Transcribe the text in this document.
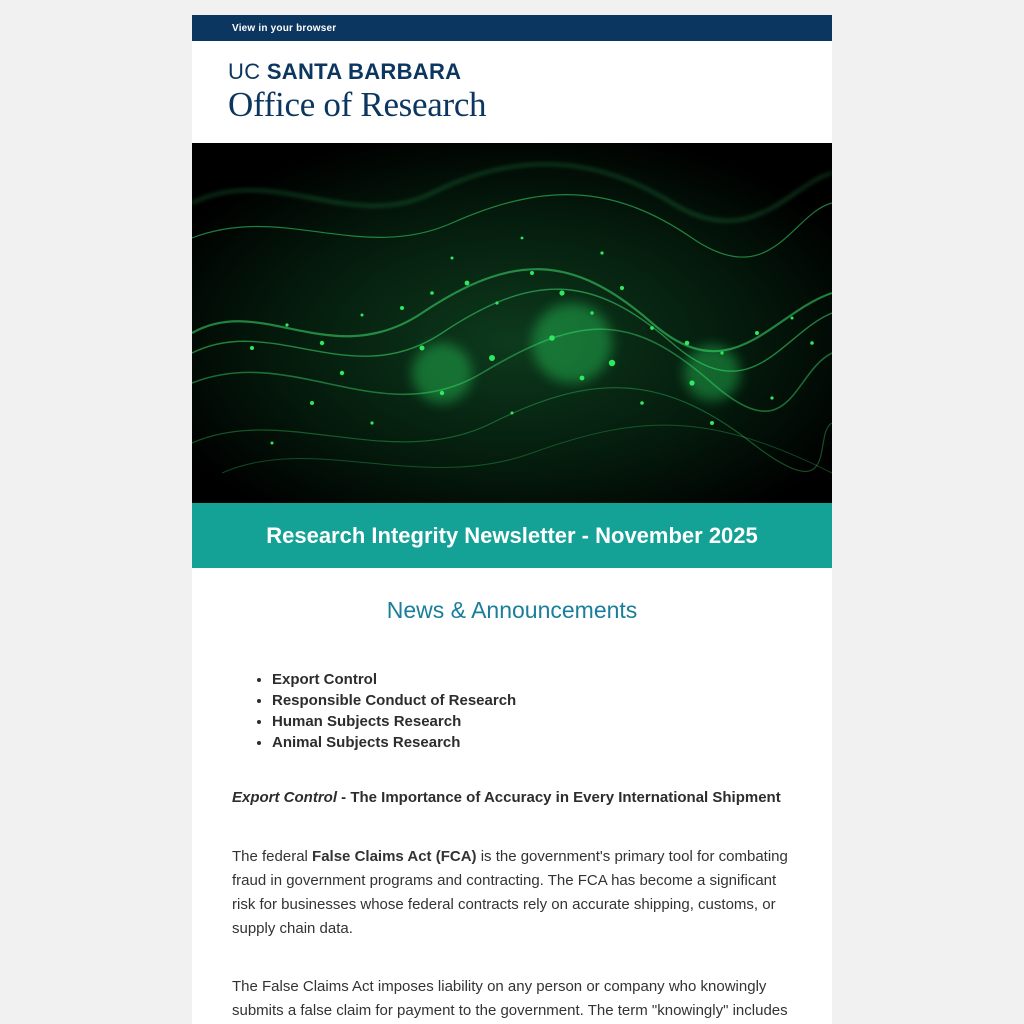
View in your browser
UC SANTA BARBARA
Office of Research
Research Integrity Newsletter - November 2025
News & Announcements
• Export Control
• Responsible Conduct of Research
• Human Subjects Research
• Animal Subjects Research
Export Control - The Importance of Accuracy in Every International Shipment

The federal False Claims Act (FCA) is the government's primary tool for combating fraud in government programs and contracting. The FCA has become a significant risk for businesses whose federal contracts rely on accurate shipping, customs, or supply chain data.

The False Claims Act imposes liability on any person or company who knowingly submits a false claim for payment to the government. The term "knowingly" includes
